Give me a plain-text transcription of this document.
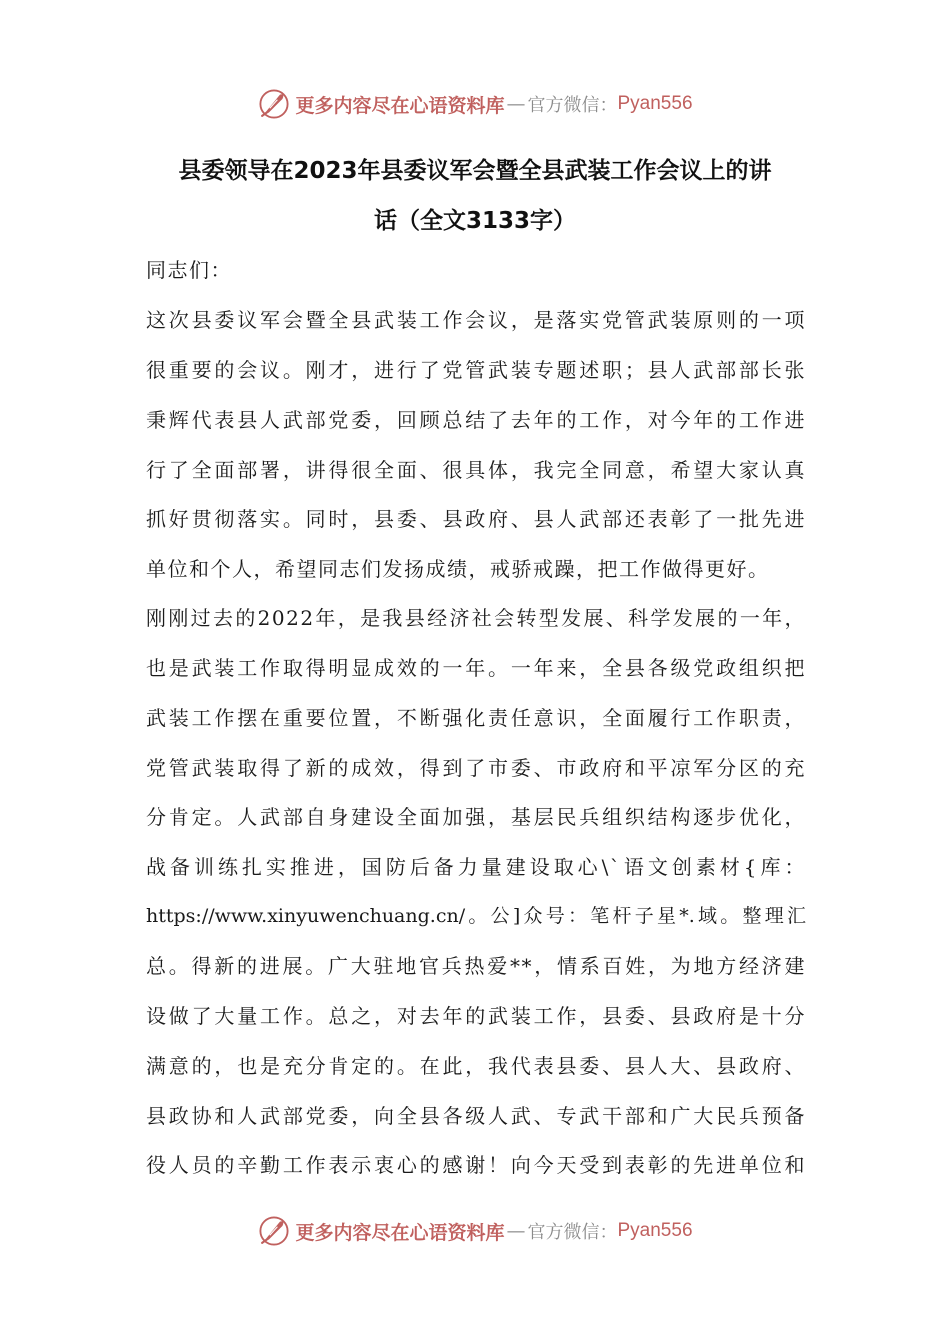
更多内容尽在心语资料库 — 官方微信： Pyan556
县委领导在2023年县委议军会暨全县武装工作会议上的讲
话（全文3133字）
同志们：
这次县委议军会暨全县武装工作会议，是落实党管武装原则的一项
很重要的会议。刚才，进行了党管武装专题述职；县人武部部长张
秉辉代表县人武部党委，回顾总结了去年的工作，对今年的工作进
行了全面部署，讲得很全面、很具体，我完全同意，希望大家认真
抓好贯彻落实。同时，县委、县政府、县人武部还表彰了一批先进
单位和个人，希望同志们发扬成绩，戒骄戒躁，把工作做得更好。
刚刚过去的2022年，是我县经济社会转型发展、科学发展的一年，
也是武装工作取得明显成效的一年。一年来，全县各级党政组织把
武装工作摆在重要位置，不断强化责任意识，全面履行工作职责，
党管武装取得了新的成效，得到了市委、市政府和平凉军分区的充
分肯定。人武部自身建设全面加强，基层民兵组织结构逐步优化，
战备训练扎实推进，国防后备力量建设取心\`语文创素材{库：
https://www.xinyuwenchuang.cn/。公]众号：笔杆子星*.域。整理汇
总。得新的进展。广大驻地官兵热爱**，情系百姓，为地方经济建
设做了大量工作。总之，对去年的武装工作，县委、县政府是十分
满意的，也是充分肯定的。在此，我代表县委、县人大、县政府、
县政协和人武部党委，向全县各级人武、专武干部和广大民兵预备
役人员的辛勤工作表示衷心的感谢！向今天受到表彰的先进单位和
更多内容尽在心语资料库 — 官方微信： Pyan556
